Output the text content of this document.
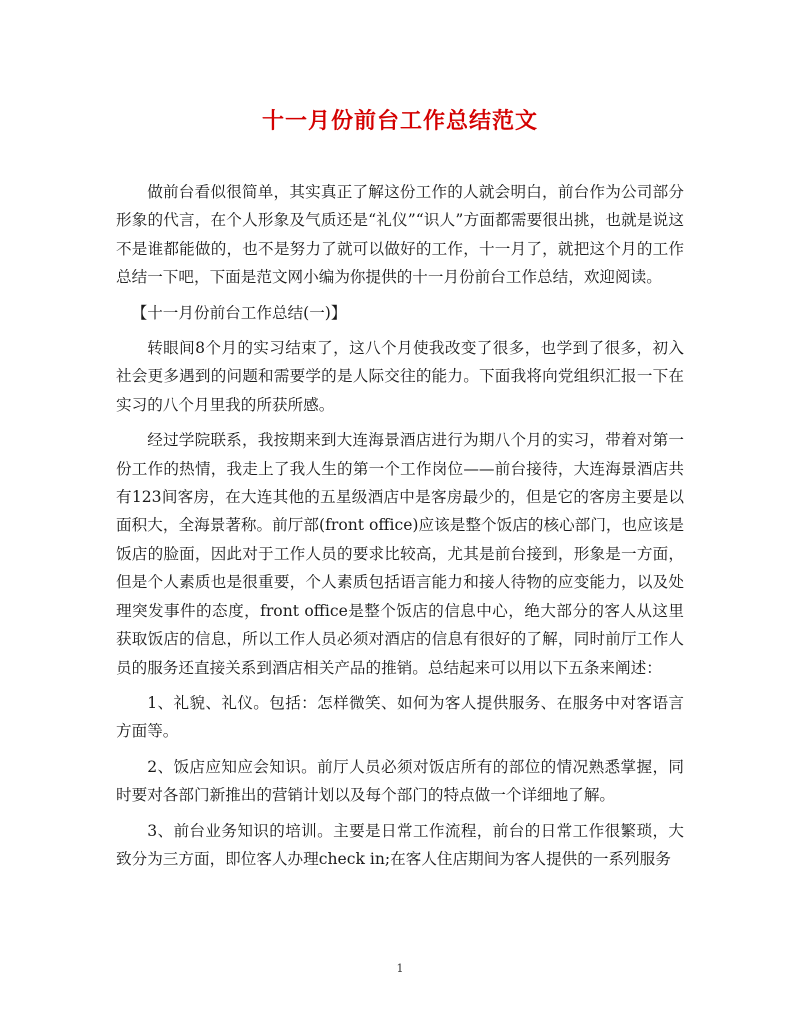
十一月份前台工作总结范文

做前台看似很简单，其实真正了解这份工作的人就会明白，前台作为公司部分形象的代言，在个人形象及气质还是“礼仪”“识人”方面都需要很出挑，也就是说这不是谁都能做的，也不是努力了就可以做好的工作，十一月了，就把这个月的工作总结一下吧，下面是范文网小编为你提供的十一月份前台工作总结，欢迎阅读。

【十一月份前台工作总结(一)】

转眼间8个月的实习结束了，这八个月使我改变了很多，也学到了很多，初入社会更多遇到的问题和需要学的是人际交往的能力。下面我将向党组织汇报一下在实习的八个月里我的所获所感。

经过学院联系，我按期来到大连海景酒店进行为期八个月的实习，带着对第一份工作的热情，我走上了我人生的第一个工作岗位——前台接待，大连海景酒店共有123间客房，在大连其他的五星级酒店中是客房最少的，但是它的客房主要是以面积大，全海景著称。前厅部(front office)应该是整个饭店的核心部门，也应该是饭店的脸面，因此对于工作人员的要求比较高，尤其是前台接到，形象是一方面，但是个人素质也是很重要，个人素质包括语言能力和接人待物的应变能力，以及处理突发事件的态度，front office是整个饭店的信息中心，绝大部分的客人从这里获取饭店的信息，所以工作人员必须对酒店的信息有很好的了解，同时前厅工作人员的服务还直接关系到酒店相关产品的推销。总结起来可以用以下五条来阐述：

1、礼貌、礼仪。包括：怎样微笑、如何为客人提供服务、在服务中对客语言方面等。

2、饭店应知应会知识。前厅人员必须对饭店所有的部位的情况熟悉掌握，同时要对各部门新推出的营销计划以及每个部门的特点做一个详细地了解。

3、前台业务知识的培训。主要是日常工作流程，前台的日常工作很繁琐，大致分为三方面，即位客人办理check in;在客人住店期间为客人提供的一系列服务

1
